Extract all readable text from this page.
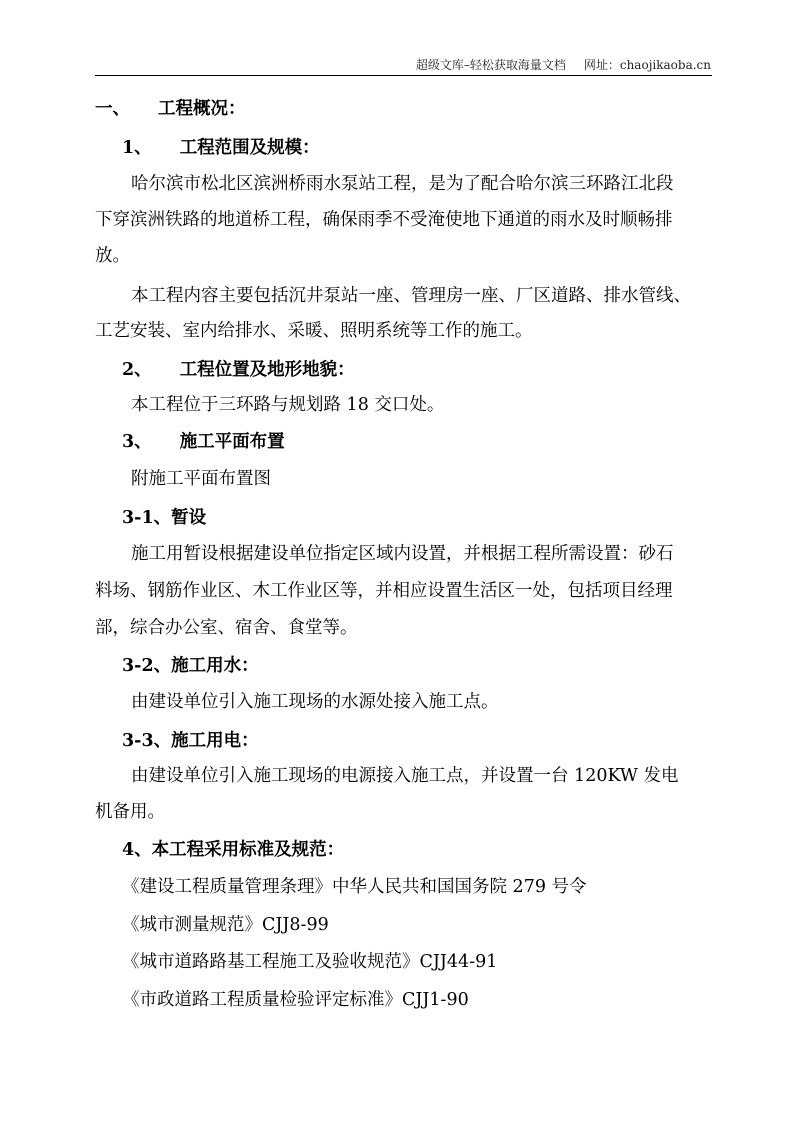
超级文库–轻松获取海量文档 网址：chaojikaoba.cn
一、 工程概况：
1、 工程范围及规模：
哈尔滨市松北区滨洲桥雨水泵站工程，是为了配合哈尔滨三环路江北段
下穿滨洲铁路的地道桥工程，确保雨季不受淹使地下通道的雨水及时顺畅排
放。
本工程内容主要包括沉井泵站一座、管理房一座、厂区道路、排水管线、
工艺安装、室内给排水、采暖、照明系统等工作的施工。
2、 工程位置及地形地貌：
本工程位于三环路与规划路 18 交口处。
3、 施工平面布置
附施工平面布置图
3-1、暂设
施工用暂设根据建设单位指定区域内设置，并根据工程所需设置：砂石
料场、钢筋作业区、木工作业区等，并相应设置生活区一处，包括项目经理
部，综合办公室、宿舍、食堂等。
3-2、施工用水：
由建设单位引入施工现场的水源处接入施工点。
3-3、施工用电：
由建设单位引入施工现场的电源接入施工点，并设置一台 120KW 发电
机备用。
4、本工程采用标准及规范：
《建设工程质量管理条理》中华人民共和国国务院 279 号令
《城市测量规范》CJJ8-99
《城市道路路基工程施工及验收规范》CJJ44-91
《市政道路工程质量检验评定标准》CJJ1-90
